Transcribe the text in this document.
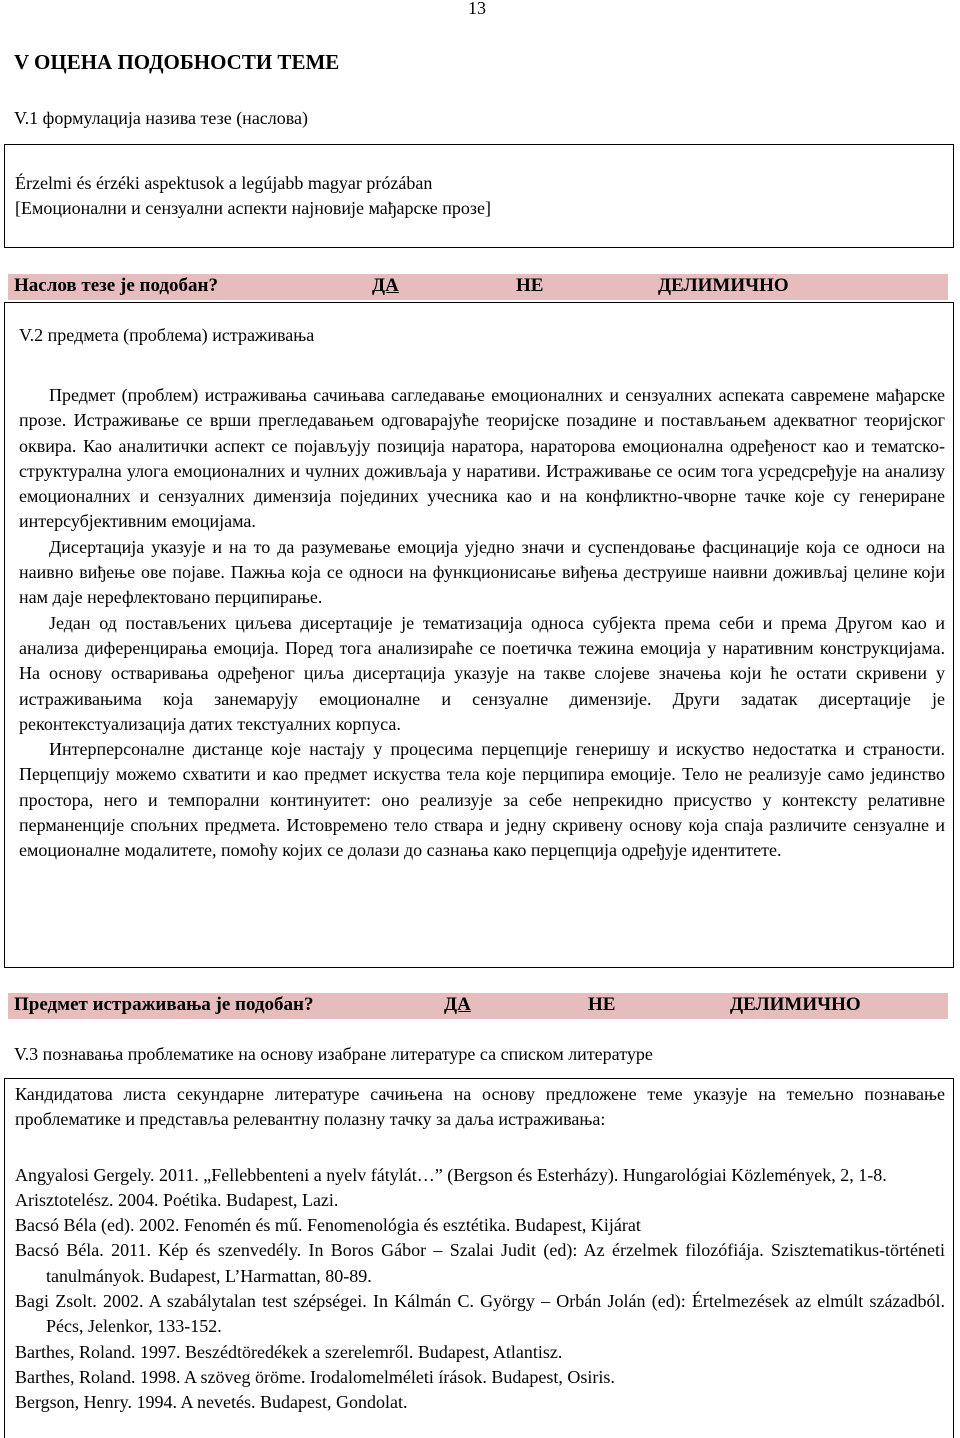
13
V ОЦЕНА ПОДОБНОСТИ ТЕМЕ
V.1 формулација назива тезе (наслова)
Érzelmi és érzéki aspektusok a legújabb magyar prózában
[Емоционални и сензуални аспекти најновије мађарске прозе]
Наслов тезе је подобан?	ДА	НЕ	ДЕЛИМИЧНО
V.2 предмета (проблема) истраживања

Предмет (проблем) истраживања сачињава сагледавање емоционалних и сензуалних аспеката савремене мађарске прозе. Истраживање се врши прегледавањем одговарајуће теоријске позадине и постављањем адекватног теоријског оквира. Као аналитички аспект се појављују позиција наратора, нараторова емоционална одређеност као и тематско-структурална улога емоционалних и чулних доживљаја у наративи. Истраживање се осим тога усредсређује на анализу емоционалних и сензуалних димензија појединих учесника као и на конфликтно-чворне тачке које су генериране интерсубјективним емоцијама.

Дисертација указује и на то да разумевање емоција уједно значи и суспендовање фасцинације која се односи на наивно виђење ове појаве. Пажња која се односи на функционисање виђења деструише наивни доживљај целине који нам даје нерефлектовано перципирање.

Један од постављених циљева дисертације је тематизација односа субјекта према себи и према Другом као и анализа диференцирања емоција. Поред тога анализираће се поетичка тежина емоција у наративним конструкцијама. На основу остваривања одређеног циља дисертација указује на такве слојеве значења који ће остати скривени у истраживањима која занемарују емоционалне и сензуалне димензије. Други задатак дисертације је реконтекстуализација датих текстуалних корпуса.

Интерперсоналне дистанце које настају у процесима перцепције генеришу и искуство недостатка и страности. Перцепцију можемо схватити и као предмет искуства тела које перципира емоције. Тело не реализује само јединство простора, него и темпорални континуитет: оно реализује за себе непрекидно присуство у контексту релативне перманенције спољних предмета. Истовремено тело ствара и једну скривену основу која спаја различите сензуалне и емоционалне модалитете, помоћу којих се долази до сазнања како перцепција одређује идентитете.

Предмет истраживања је подобан?	ДА	НЕ	ДЕЛИМИЧНО
V.3 познавања проблематике на основу изабране литературе са списком литературе

Кандидатова листа секундарне литературе сачињена на основу предложене теме указује на темељно познавање проблематике и представља релевантну полазну тачку за даља истраживања:

Angyalosi Gergely. 2011. „Fellebbenteni a nyelv fátylát…” (Bergson és Esterházy). Hungarológiai Közlemények, 2, 1-8.

Arisztotelész. 2004. Poétika. Budapest, Lazi.

Bacsó Béla (ed). 2002. Fenomén és mű. Fenomenológia és esztétika. Budapest, Kijárat

Bacsó Béla. 2011. Kép és szenvedély. In Boros Gábor – Szalai Judit (ed): Az érzelmek filozófiája. Szisztematikus-történeti tanulmányok. Budapest, L’Harmattan, 80-89.

Bagi Zsolt. 2002. A szabálytalan test szépségei. In Kálmán C. György – Orbán Jolán (ed): Értelmezések az elmúlt századból. Pécs, Jelenkor, 133-152.

Barthes, Roland. 1997. Beszédtöredékek a szerelemről. Budapest, Atlantisz.

Barthes, Roland. 1998. A szöveg öröme. Irodalomelméleti írások. Budapest, Osiris.

Bergson, Henry. 1994. A nevetés. Budapest, Gondolat.
